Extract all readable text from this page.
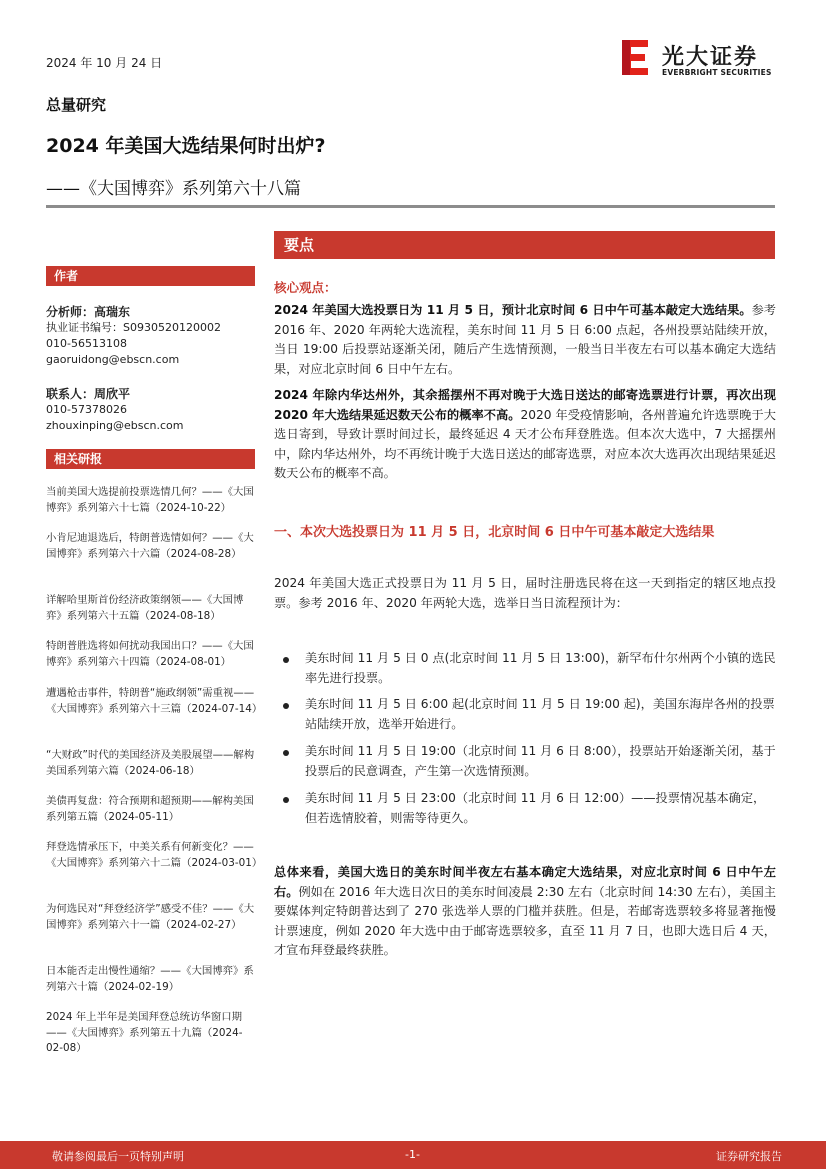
2024 年 10 月 24 日	光大证券
EVERBRIGHT SECURITIES
总量研究
2024 年美国大选结果何时出炉?
——《大国博弈》系列第六十八篇
作者
分析师：高瑞东
执业证书编号：S0930520120002
010-56513108
gaoruidong@ebscn.com
联系人：周欣平
010-57378026
zhouxinping@ebscn.com
相关研报
当前美国大选提前投票选情几何？——《大国博弈》系列第六十七篇（2024-10-22）
小肯尼迪退选后，特朗普选情如何？——《大国博弈》系列第六十六篇（2024-08-28）
详解哈里斯首份经济政策纲领——《大国博弈》系列第六十五篇（2024-08-18）
特朗普胜选将如何扰动我国出口？——《大国博弈》系列第六十四篇（2024-08-01）
遭遇枪击事件，特朗普“施政纲领”需重视——《大国博弈》系列第六十三篇（2024-07-14）
“大财政”时代的美国经济及美股展望——解构美国系列第六篇（2024-06-18）
美债再复盘：符合预期和超预期——解构美国系列第五篇（2024-05-11）
拜登选情承压下，中美关系有何新变化？——《大国博弈》系列第六十二篇（2024-03-01）
为何选民对“拜登经济学”感受不佳？——《大国博弈》系列第六十一篇（2024-02-27）
日本能否走出慢性通缩？——《大国博弈》系列第六十篇（2024-02-19）
2024 年上半年是美国拜登总统访华窗口期——《大国博弈》系列第五十九篇（2024-02-08）
要点
核心观点：
2024 年美国大选投票日为 11 月 5 日，预计北京时间 6 日中午可基本敲定大选结果。参考 2016 年、2020 年两轮大选流程，美东时间 11 月 5 日 6:00 点起，各州投票站陆续开放，当日 19:00 后投票站逐渐关闭，随后产生选情预测，一般当日半夜左右可以基本确定大选结果，对应北京时间 6 日中午左右。
2024 年除内华达州外，其余摇摆州不再对晚于大选日送达的邮寄选票进行计票，再次出现 2020 年大选结果延迟数天公布的概率不高。2020 年受疫情影响，各州普遍允许选票晚于大选日寄到，导致计票时间过长，最终延迟 4 天才公布拜登胜选。但本次大选中，7 大摇摆州中，除内华达州外，均不再统计晚于大选日送达的邮寄选票，对应本次大选再次出现结果延迟数天公布的概率不高。
一、本次大选投票日为 11 月 5 日，北京时间 6 日中午可基本敲定大选结果
2024 年美国大选正式投票日为 11 月 5 日，届时注册选民将在这一天到指定的辖区地点投票。参考 2016 年、2020 年两轮大选，选举日当日流程预计为：
美东时间 11 月 5 日 0 点(北京时间 11 月 5 日 13:00)，新罕布什尔州两个小镇的选民率先进行投票。
美东时间 11 月 5 日 6:00 起(北京时间 11 月 5 日 19:00 起)，美国东海岸各州的投票站陆续开放，选举开始进行。
美东时间 11 月 5 日 19:00（北京时间 11 月 6 日 8:00），投票站开始逐渐关闭，基于投票后的民意调查，产生第一次选情预测。
美东时间 11 月 5 日 23:00（北京时间 11 月 6 日 12:00）——投票情况基本确定，但若选情胶着，则需等待更久。
总体来看，美国大选日的美东时间半夜左右基本确定大选结果，对应北京时间 6 日中午左右。例如在 2016 年大选日次日的美东时间凌晨 2:30 左右（北京时间 14:30 左右），美国主要媒体判定特朗普达到了 270 张选举人票的门槛并获胜。但是，若邮寄选票较多将显著拖慢计票速度，例如 2020 年大选中由于邮寄选票较多，直至 11 月 7 日，也即大选日后 4 天，才宣布拜登最终获胜。
敬请参阅最后一页特别声明	-1-	证券研究报告
